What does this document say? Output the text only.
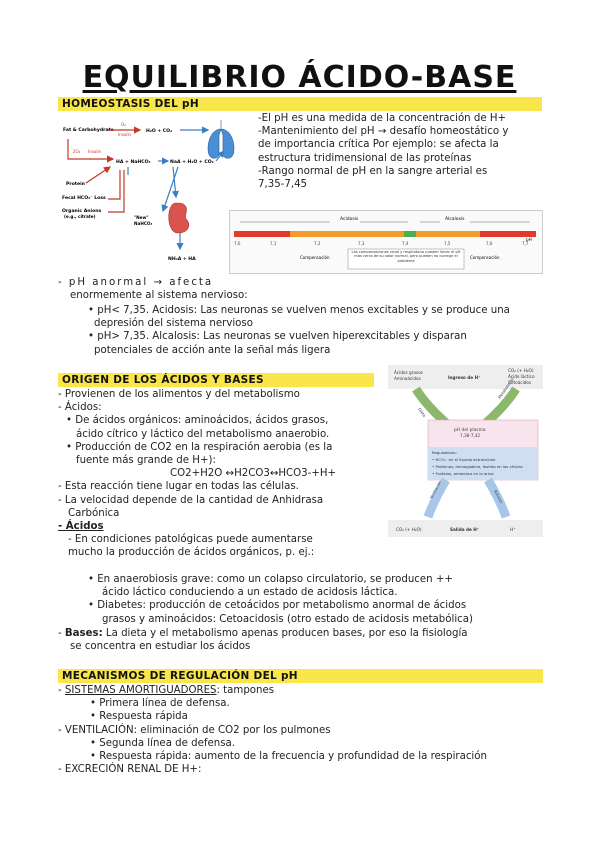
EQUILIBRIO ÁCIDO-BASE
HOMEOSTASIS DEL pH
Fat & Carbohydrate
O₂
Insulin
H₂O + CO₂
2O₂ Insulin
HA + NaHCO₃	NaA + H₂O + CO₂
Protein
Fecal HCO₃⁻ Loss
Organic Anions
(e.g., citrate)	"New"
NaHCO₃
NH₄A + HA
-El pH es una medida de la concentración de H+
-Mantenimiento del pH → desafío homeostático y
de importancia crítica Por ejemplo: se afecta la
estructura tridimensional de las proteínas
-Rango normal de pH en la sangre arterial es
7,35-7,45
Acidosis	Alcalosis
pH
7,0	7,1	7,2	7,3	7,4	7,5	7,6	7,7
Compensación	Compensación
Las compensaciones renal y respiratoria pueden llevar el pH más cerca de su valor normal, pero pueden no corregir el problema
- pH anormal → afecta
enormemente al sistema nervioso:
• pH< 7,35. Acidosis: Las neuronas se vuelven menos excitables y se produce una
depresión del sistema nervioso
• pH> 7,35. Alcalosis: Las neuronas se vuelven hiperexcitables y disparan
potenciales de acción ante la señal más ligera
ORIGEN DE LOS ÁCIDOS Y BASES
- Provienen de los alimentos y del metabolismo
- Ácidos:
• De ácidos orgánicos: aminoácidos, ácidos grasos,
ácido cítrico y láctico del metabolismo anaerobio.
• Producción de CO2 en la respiración aerobia (es la
fuente más grande de H+):
CO2+H2O ↔H2CO3↔HCO3-+H+
- Esta reacción tiene lugar en todas las células.
- La velocidad depende de la cantidad de Anhidrasa
Carbónica
- Ácidos
- En condiciones patológicas puede aumentarse
mucho la producción de ácidos orgánicos, p. ej.:
• En anaerobiosis grave: como un colapso circulatorio, se producen ++
ácido láctico conduciendo a un estado de acidosis láctica.
• Diabetes: producción de cetoácidos por metabolismo anormal de ácidos
grasos y aminoácidos: Cetoacidosis (otro estado de acidosis metabólica)
- Bases: La dieta y el metabolismo apenas producen bases, por eso la fisiología
se concentra en estudiar los ácidos
Ácidos grasos
Aminoácidos	Ingreso de H⁺
CO₂ (+ H₂O)
Ácido láctico
Cetoácidos
Dieta
Metabolismo
pH del plasma
7,38-7,42
Reguladores:
• HCO₃⁻ en el líquido extracelular
• Proteínas, hemoglobina, fosfato en las células
• Fosfatos, amoníaco en la orina
Ventilación	Riñones
CO₂ (+ H₂O)	Salida de H⁺	H⁺
MECANISMOS DE REGULACIÓN DEL pH
- SISTEMAS AMORTIGUADORES: tampones
• Primera línea de defensa.
• Respuesta rápida
- VENTILACIÓN: eliminación de CO2 por los pulmones
• Segunda línea de defensa.
• Respuesta rápida: aumento de la frecuencia y profundidad de la respiración
- EXCRECIÓN RENAL DE H+:
